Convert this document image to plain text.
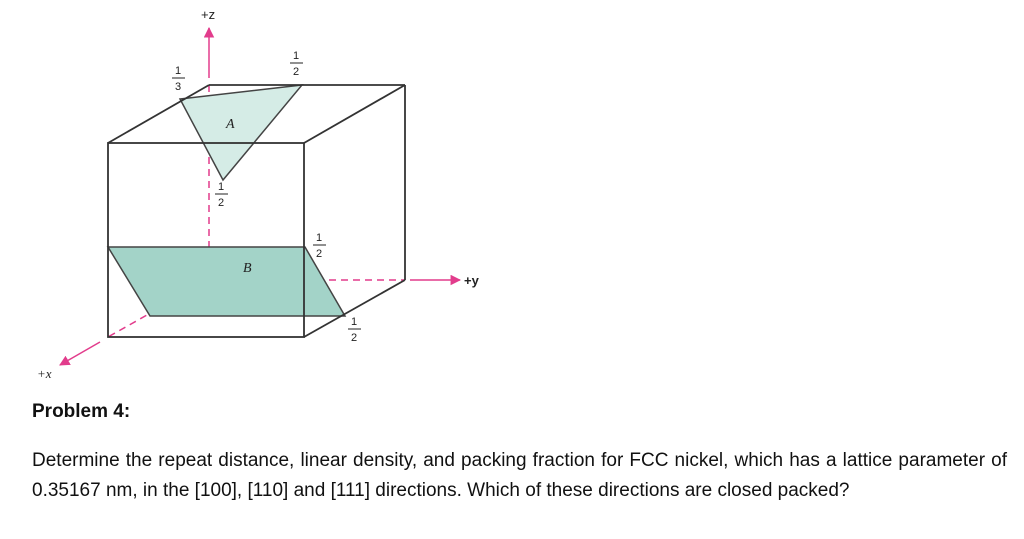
+z
+y
+x
A
B
1
3
1
2
1
2
1
2
1
2
Problem 4:

Determine the repeat distance, linear density, and packing fraction for FCC nickel, which has a lattice parameter of 0.35167 nm, in the [100], [110] and [111] directions. Which of these directions are closed packed?
